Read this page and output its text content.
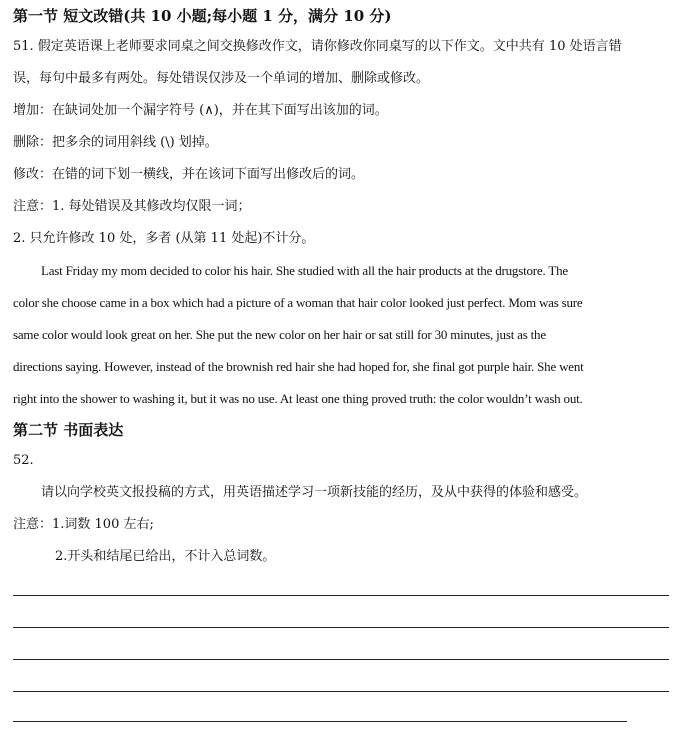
第一节 短文改错(共 10 小题;每小题 1 分，满分 10 分)
51. 假定英语课上老师要求同桌之间交换修改作文，请你修改你同桌写的以下作文。文中共有 10 处语言错
误，每句中最多有两处。每处错误仅涉及一个单词的增加、删除或修改。
增加：在缺词处加一个漏字符号 (∧)，并在其下面写出该加的词。
删除：把多余的词用斜线 (\) 划掉。
修改：在错的词下划一横线，并在该词下面写出修改后的词。
注意：1. 每处错误及其修改均仅限一词；
2. 只允许修改 10 处，多者 (从第 11 处起)不计分。
Last Friday my mom decided to color his hair. She studied with all the hair products at the drugstore. The
color she choose came in a box which had a picture of a woman that hair color looked just perfect. Mom was sure
same color would look great on her. She put the new color on her hair or sat still for 30 minutes, just as the
directions saying. However, instead of the brownish red hair she had hoped for, she final got purple hair. She went
right into the shower to washing it, but it was no use. At least one thing proved truth: the color wouldn’t wash out.
第二节 书面表达
52.
请以向学校英文报投稿的方式，用英语描述学习一项新技能的经历，及从中获得的体验和感受。
注意：1.词数 100 左右;
2.开头和结尾已给出，不计入总词数。
